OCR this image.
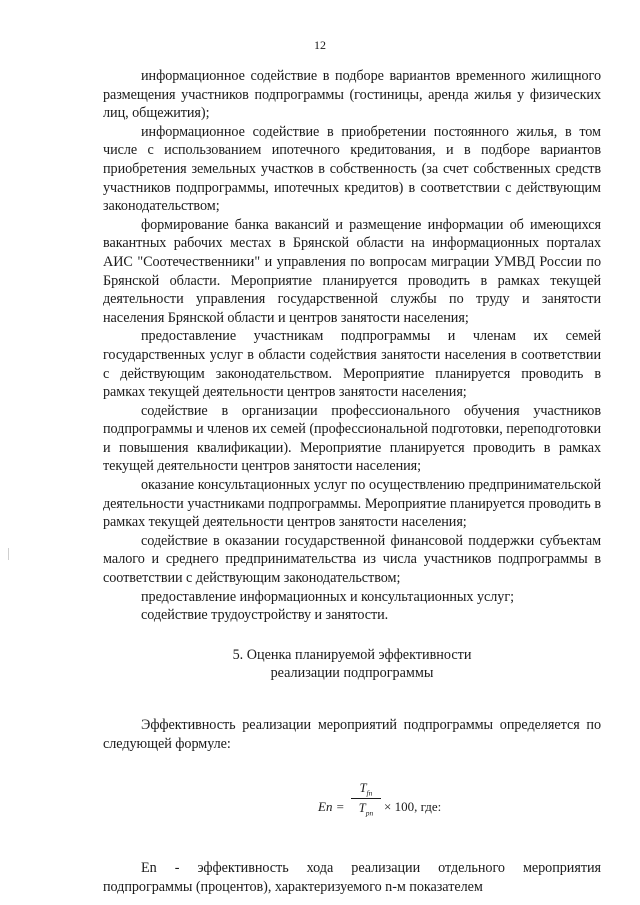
12

информационное содействие в подборе вариантов временного жилищного размещения участников подпрограммы (гостиницы, аренда жилья у физических лиц, общежития);

информационное содействие в приобретении постоянного жилья, в том числе с использованием ипотечного кредитования, и в подборе вариантов приобретения земельных участков в собственность (за счет собственных средств участников подпрограммы, ипотечных кредитов) в соответствии с действующим законодательством;

формирование банка вакансий и размещение информации об имеющихся вакантных рабочих местах в Брянской области на информационных порталах АИС "Соотечественники" и управления по вопросам миграции УМВД России по Брянской области. Мероприятие планируется проводить в рамках текущей деятельности управления государственной службы по труду и занятости населения Брянской области и центров занятости населения;

предоставление участникам подпрограммы и членам их семей государственных услуг в области содействия занятости населения в соответствии с действующим законодательством. Мероприятие планируется проводить в рамках текущей деятельности центров занятости населения;

содействие в организации профессионального обучения участников подпрограммы и членов их семей (профессиональной подготовки, переподготовки и повышения квалификации). Мероприятие планируется проводить в рамках текущей деятельности центров занятости населения;

оказание консультационных услуг по осуществлению предпринимательской деятельности участниками подпрограммы. Мероприятие планируется проводить в рамках текущей деятельности центров занятости населения;

содействие в оказании государственной финансовой поддержки субъектам малого и среднего предпринимательства из числа участников подпрограммы в соответствии с действующим законодательством;

предоставление информационных и консультационных услуг;

содействие трудоустройству и занятости.

5. Оценка планируемой эффективности
реализации подпрограммы

Эффективность реализации мероприятий подпрограммы определяется по следующей формуле:

En =
$T_{fn}$
$T_{pn} \times 100$, где:

En - эффективность хода реализации отдельного мероприятия подпрограммы (процентов), характеризуемого n-м показателем
